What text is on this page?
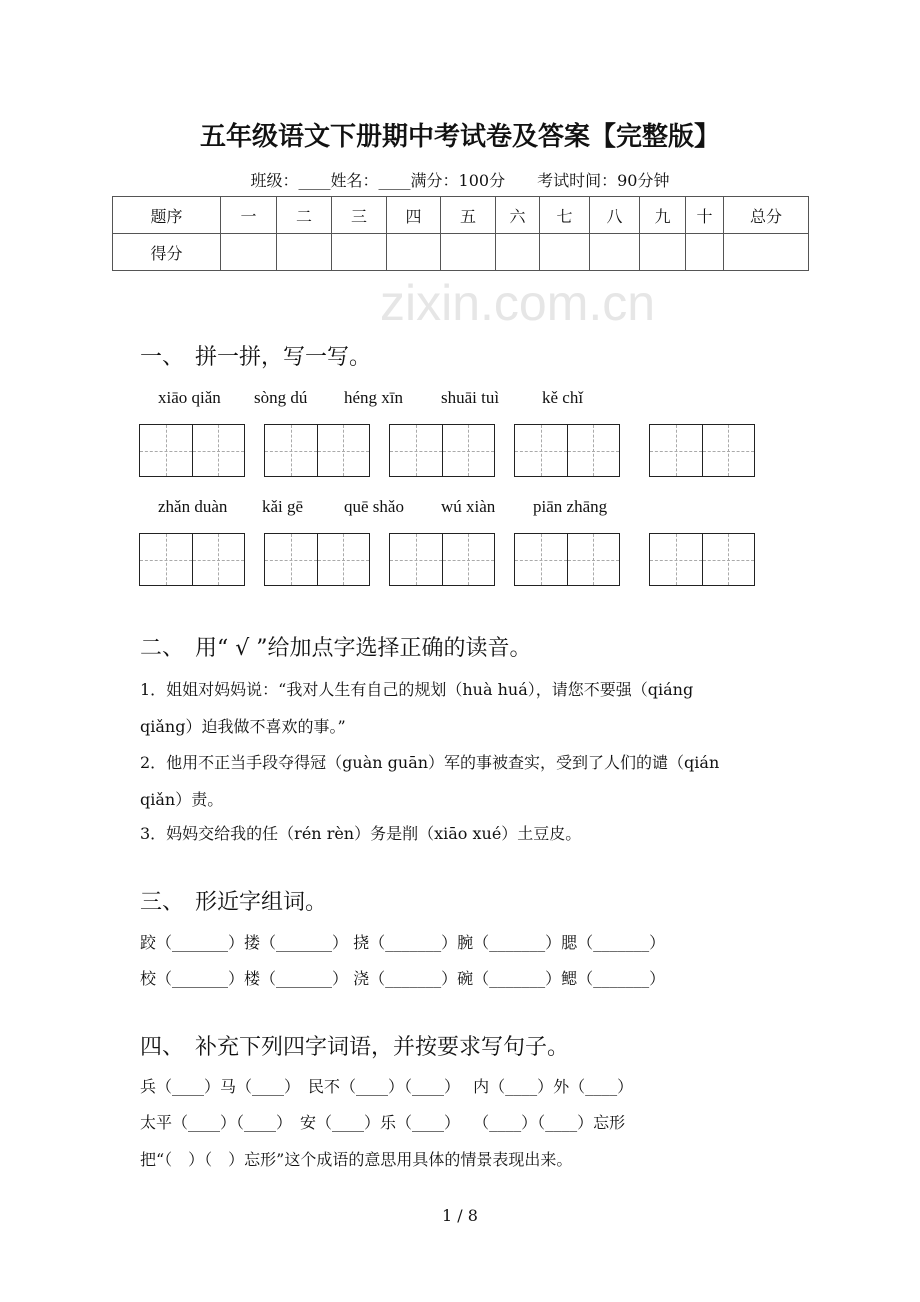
zixin.com.cn
五年级语文下册期中考试卷及答案【完整版】
班级：____姓名：____满分：100分　　考试时间：90分钟
题序	一	二	三	四	五	六	七	八	九	十	总分
得分											
一、　拼一拼，写一写。
xiāo qiǎn sòng dú héng xīn shuāi tuì	kě chǐ
zhǎn duàn kǎi gē quē shǎo wú xiàn piān zhāng
二、　用“ √ ”给加点字选择正确的读音。
1．姐姐对妈妈说：“我对人生有自己的规划（huà huá），请您不要强（qiáng
qiǎng）迫我做不喜欢的事。”
2．他用不正当手段夺得冠（guàn guān）军的事被查实，受到了人们的谴（qián
qiǎn）责。
3．妈妈交给我的任（rén rèn）务是削（xiāo xué）土豆皮。
三、　形近字组词。
跤（_______）搂（_______） 挠（_______）腕（_______）腮（_______）
校（_______）楼（_______） 浇（_______）碗（_______）鳃（_______）
四、　补充下列四字词语，并按要求写句子。
兵（____）马（____）　民不（____）（____）　 内（____）外（____）
太平（____）（____）　安（____）乐（____）　 （____）（____）忘形
把“（　）（　）忘形”这个成语的意思用具体的情景表现出来。
1 / 8
